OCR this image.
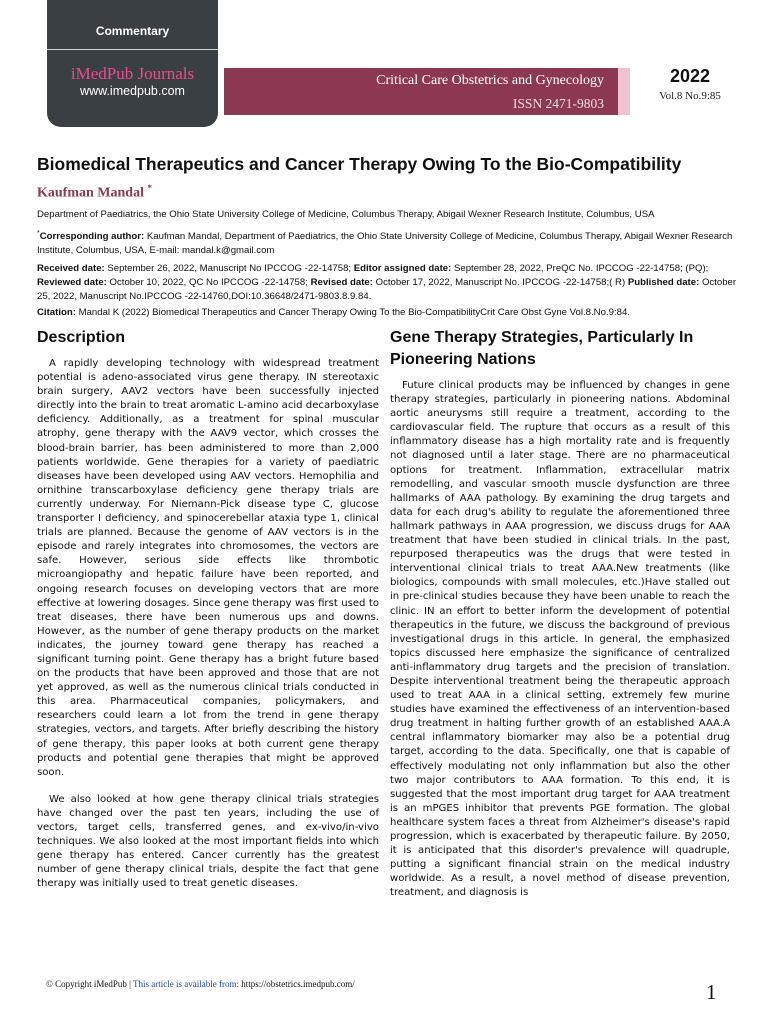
Commentary
iMedPub Journals
www.imedpub.com
Critical Care Obstetrics and Gynecology
ISSN 2471-9803
2022
Vol.8 No.9:85
Biomedical Therapeutics and Cancer Therapy Owing To the Bio-Compatibility
Kaufman Mandal *
Department of Paediatrics, the Ohio State University College of Medicine, Columbus Therapy, Abigail Wexner Research Institute, Columbus, USA
*Corresponding author: Kaufman Mandal, Department of Paediatrics, the Ohio State University College of Medicine, Columbus Therapy, Abigail Wexner Research Institute, Columbus, USA, E-mail: mandal.k@gmail.com
Received date: September 26, 2022, Manuscript No IPCCOG -22-14758; Editor assigned date: September 28, 2022, PreQC No. IPCCOG -22-14758; (PQ); Reviewed date: October 10, 2022, QC No IPCCOG -22-14758; Revised date: October 17, 2022, Manuscript No. IPCCOG -22-14758;( R) Published date: October 25, 2022, Manuscript No.IPCCOG -22-14760,DOI:10.36648/2471-9803.8.9.84.
Citation: Mandal K (2022) Biomedical Therapeutics and Cancer Therapy Owing To the Bio-CompatibilityCrit Care Obst Gyne Vol.8.No.9:84.
Description

A rapidly developing technology with widespread treatment potential is adeno-associated virus gene therapy. IN stereotaxic brain surgery, AAV2 vectors have been successfully injected directly into the brain to treat aromatic L-amino acid decarboxylase deficiency. Additionally, as a treatment for spinal muscular atrophy, gene therapy with the AAV9 vector, which crosses the blood-brain barrier, has been administered to more than 2,000 patients worldwide. Gene therapies for a variety of paediatric diseases have been developed using AAV vectors. Hemophilia and ornithine transcarboxylase deficiency gene therapy trials are currently underway. For Niemann-Pick disease type C, glucose transporter I deficiency, and spinocerebellar ataxia type 1, clinical trials are planned. Because the genome of AAV vectors is in the episode and rarely integrates into chromosomes, the vectors are safe. However, serious side effects like thrombotic microangiopathy and hepatic failure have been reported, and ongoing research focuses on developing vectors that are more effective at lowering dosages. Since gene therapy was first used to treat diseases, there have been numerous ups and downs. However, as the number of gene therapy products on the market indicates, the journey toward gene therapy has reached a significant turning point. Gene therapy has a bright future based on the products that have been approved and those that are not yet approved, as well as the numerous clinical trials conducted in this area. Pharmaceutical companies, policymakers, and researchers could learn a lot from the trend in gene therapy strategies, vectors, and targets. After briefly describing the history of gene therapy, this paper looks at both current gene therapy products and potential gene therapies that might be approved soon.

We also looked at how gene therapy clinical trials strategies have changed over the past ten years, including the use of vectors, target cells, transferred genes, and ex-vivo/in-vivo techniques. We also looked at the most important fields into which gene therapy has entered. Cancer currently has the greatest number of gene therapy clinical trials, despite the fact that gene therapy was initially used to treat genetic diseases.

Gene Therapy Strategies, Particularly In Pioneering Nations

Future clinical products may be influenced by changes in gene therapy strategies, particularly in pioneering nations. Abdominal aortic aneurysms still require a treatment, according to the cardiovascular field. The rupture that occurs as a result of this inflammatory disease has a high mortality rate and is frequently not diagnosed until a later stage. There are no pharmaceutical options for treatment. Inflammation, extracellular matrix remodelling, and vascular smooth muscle dysfunction are three hallmarks of AAA pathology. By examining the drug targets and data for each drug's ability to regulate the aforementioned three hallmark pathways in AAA progression, we discuss drugs for AAA treatment that have been studied in clinical trials. In the past, repurposed therapeutics was the drugs that were tested in interventional clinical trials to treat AAA.New treatments (like biologics, compounds with small molecules, etc.)Have stalled out in pre-clinical studies because they have been unable to reach the clinic. IN an effort to better inform the development of potential therapeutics in the future, we discuss the background of previous investigational drugs in this article. In general, the emphasized topics discussed here emphasize the significance of centralized anti-inflammatory drug targets and the precision of translation. Despite interventional treatment being the therapeutic approach used to treat AAA in a clinical setting, extremely few murine studies have examined the effectiveness of an intervention-based drug treatment in halting further growth of an established AAA.A central inflammatory biomarker may also be a potential drug target, according to the data. Specifically, one that is capable of effectively modulating not only inflammation but also the other two major contributors to AAA formation. To this end, it is suggested that the most important drug target for AAA treatment is an mPGES inhibitor that prevents PGE formation. The global healthcare system faces a threat from Alzheimer's disease's rapid progression, which is exacerbated by therapeutic failure. By 2050, it is anticipated that this disorder's prevalence will quadruple, putting a significant financial strain on the medical industry worldwide. As a result, a novel method of disease prevention, treatment, and diagnosis is

© Copyright iMedPub | This article is available from: https://obstetrics.imedpub.com/	1
